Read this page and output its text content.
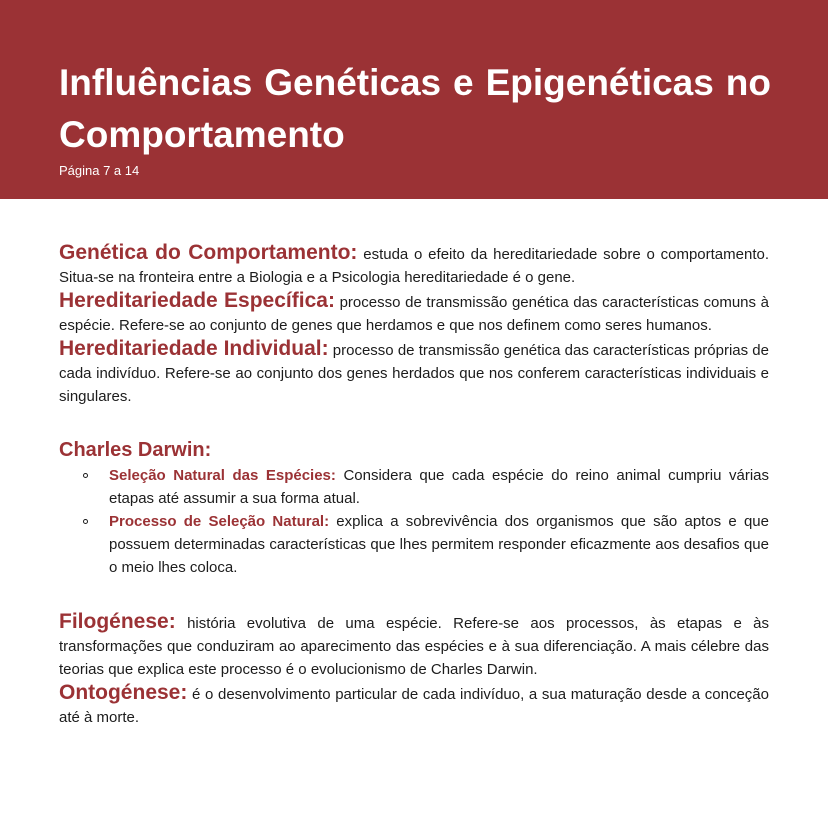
Influências Genéticas e Epigenéticas no Comportamento
Página 7 a 14

Genética do Comportamento: estuda o efeito da hereditariedade sobre o comportamento. Situa-se na fronteira entre a Biologia e a Psicologia hereditariedade é o gene.

Hereditariedade Específica: processo de transmissão genética das características comuns à espécie. Refere-se ao conjunto de genes que herdamos e que nos definem como seres humanos.

Hereditariedade Individual: processo de transmissão genética das características próprias de cada indivíduo. Refere-se ao conjunto dos genes herdados que nos conferem características individuais e singulares.

Charles Darwin:
Seleção Natural das Espécies: Considera que cada espécie do reino animal cumpriu várias etapas até assumir a sua forma atual.
Processo de Seleção Natural: explica a sobrevivência dos organismos que são aptos e que possuem determinadas características que lhes permitem responder eficazmente aos desafios que o meio lhes coloca.

Filogénese: história evolutiva de uma espécie. Refere-se aos processos, às etapas e às transformações que conduziram ao aparecimento das espécies e à sua diferenciação. A mais célebre das teorias que explica este processo é o evolucionismo de Charles Darwin.

Ontogénese: é o desenvolvimento particular de cada indivíduo, a sua maturação desde a conceção até à morte.
